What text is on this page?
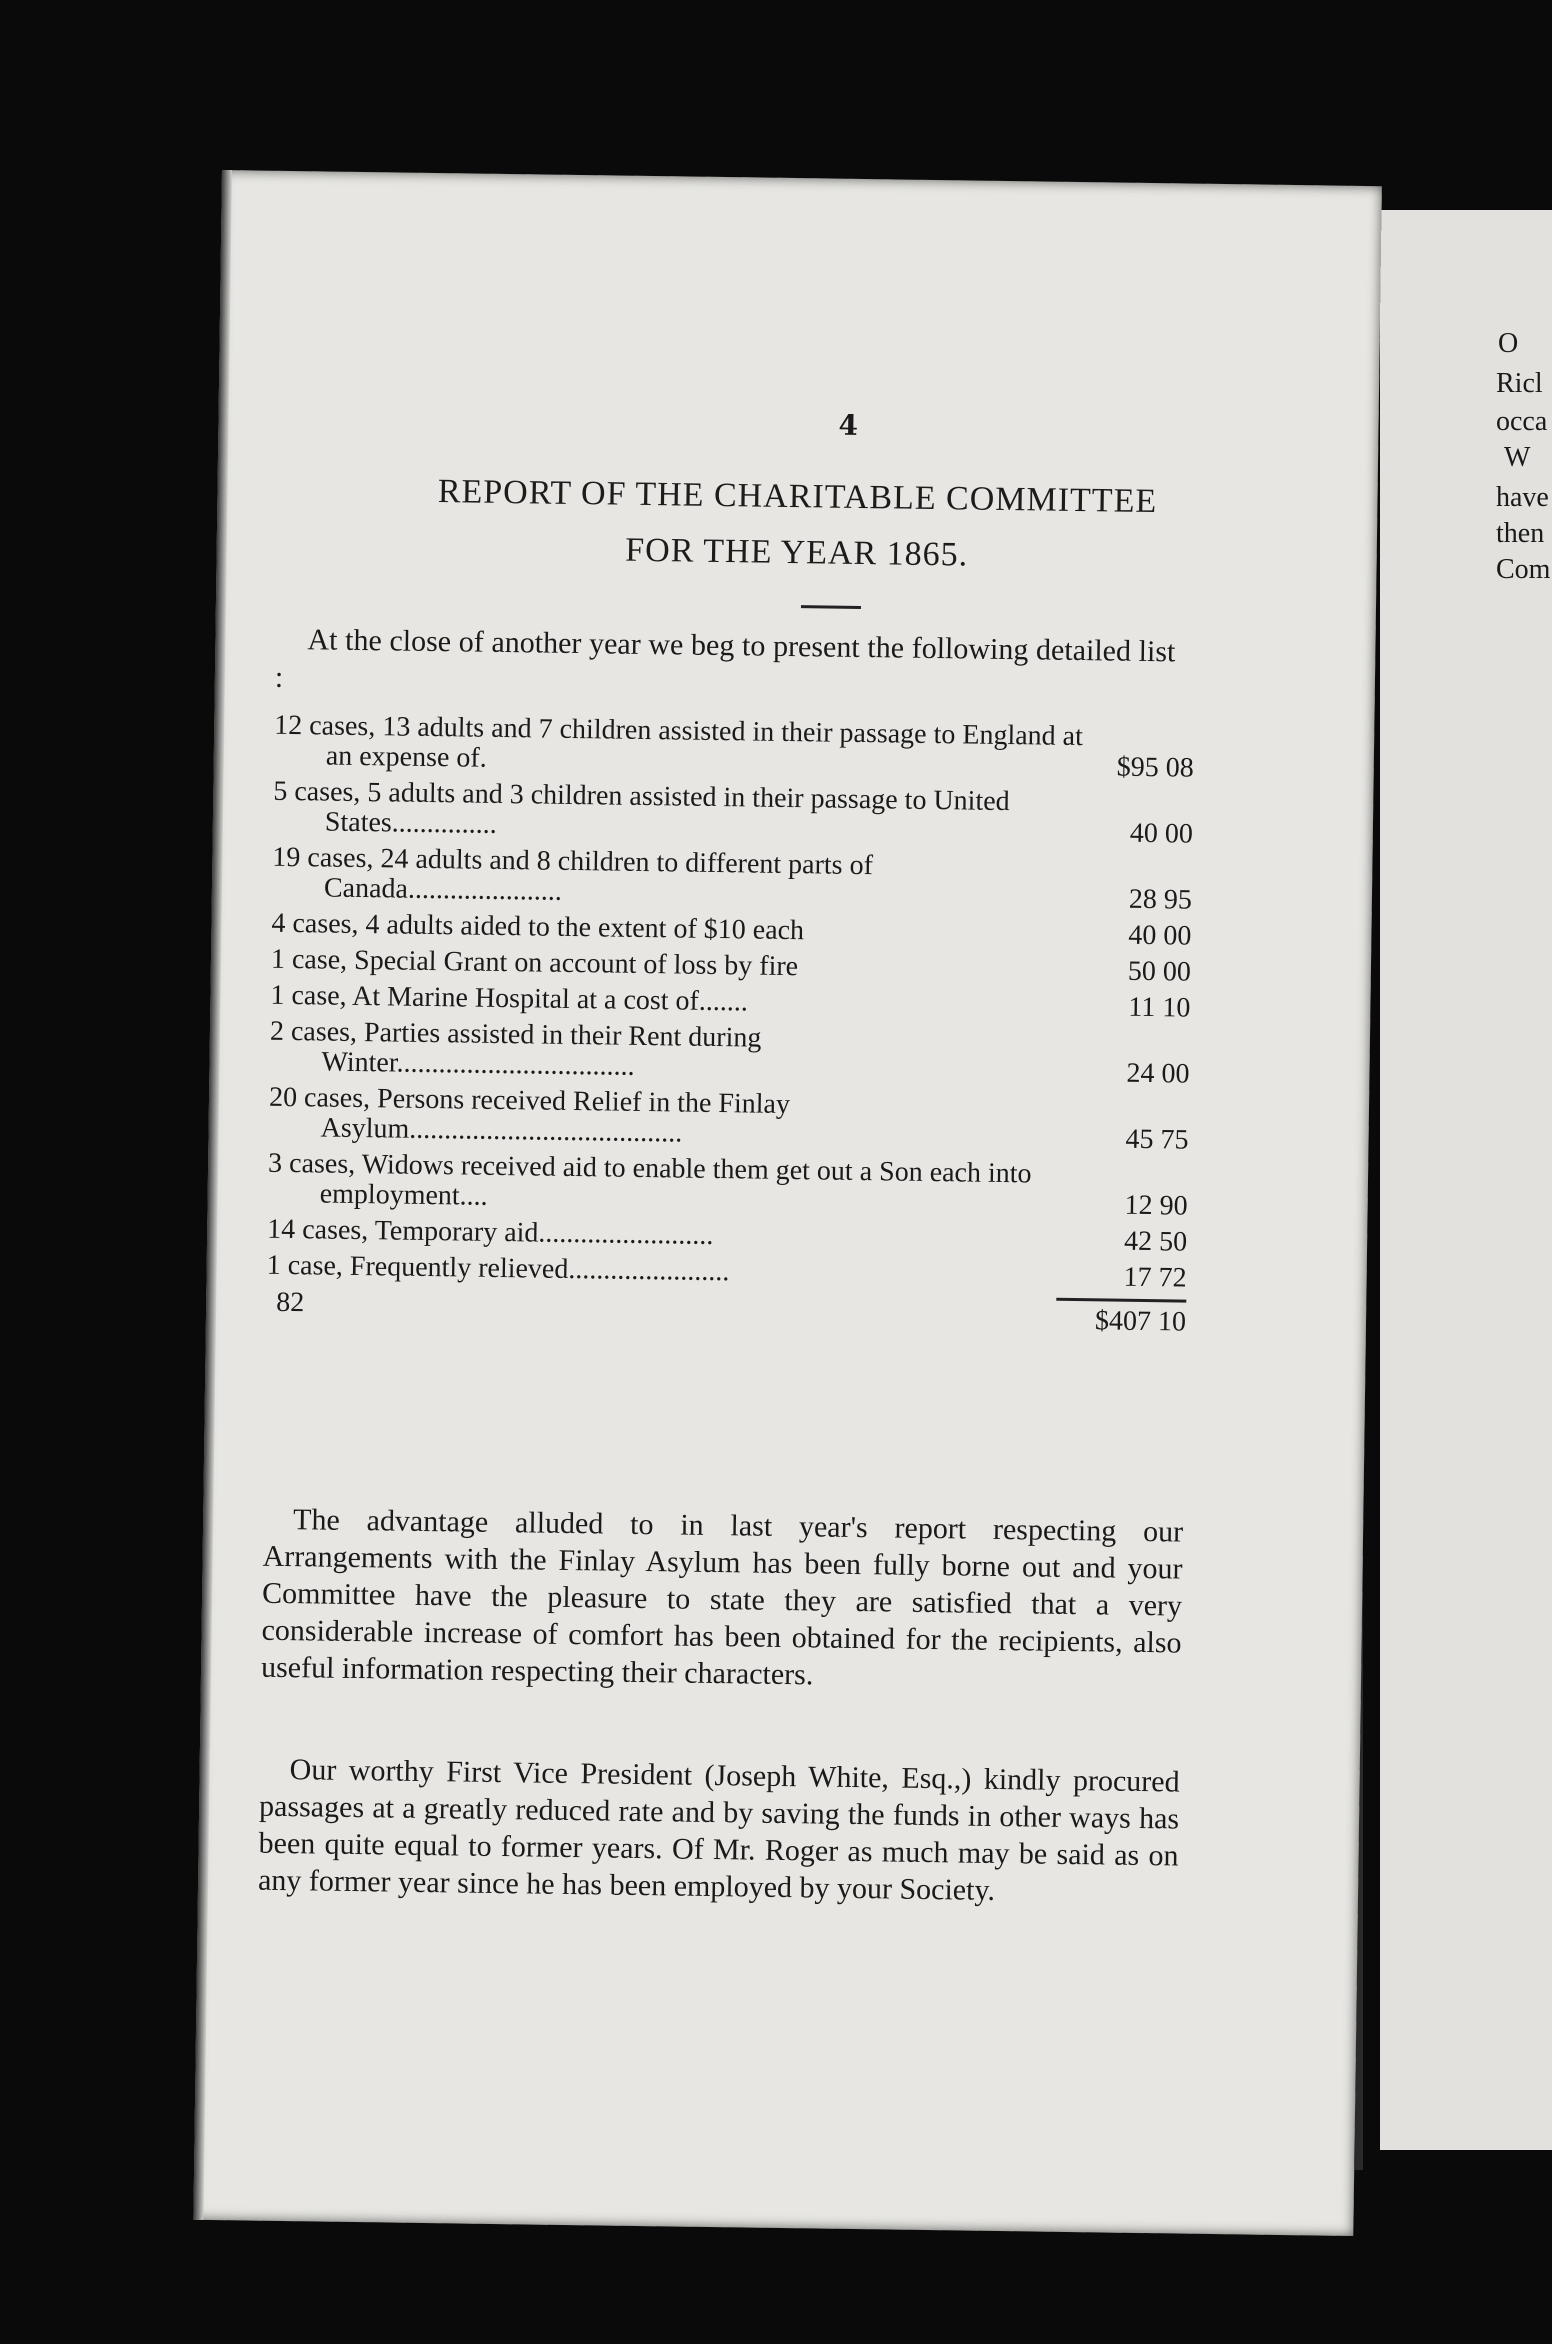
O
Ricl
occa
W
have
then
Com
4
REPORT OF THE CHARITABLE COMMITTEE
FOR THE YEAR 1865.
At the close of another year we beg to present the following detailed list :
12 cases, 13 adults and 7 children assisted in their passage to England at an expense of.	$95 08
5 cases, 5 adults and 3 children assisted in their passage to United States...............	40 00
19 cases, 24 adults and 8 children to different parts of Canada......................	28 95
4 cases, 4 adults aided to the extent of $10 each	40 00
1 case, Special Grant on account of loss by fire	50 00
1 case, At Marine Hospital at a cost of.......	11 10
2 cases, Parties assisted in their Rent during Winter..................................	24 00
20 cases, Persons received Relief in the Finlay Asylum.......................................	45 75
3 cases, Widows received aid to enable them get out a Son each into employment....	12 90
14 cases, Temporary aid.........................	42 50
1 case, Frequently relieved.......................	17 72
82
$407 10
The advantage alluded to in last year's report respecting our Arrangements with the Finlay Asylum has been fully borne out and your Committee have the pleasure to state they are satisfied that a very considerable increase of comfort has been obtained for the recipients, also useful information respecting their characters.
Our worthy First Vice President (Joseph White, Esq.,) kindly procured passages at a greatly reduced rate and by saving the funds in other ways has been quite equal to former years. Of Mr. Roger as much may be said as on any former year since he has been employed by your Society.
